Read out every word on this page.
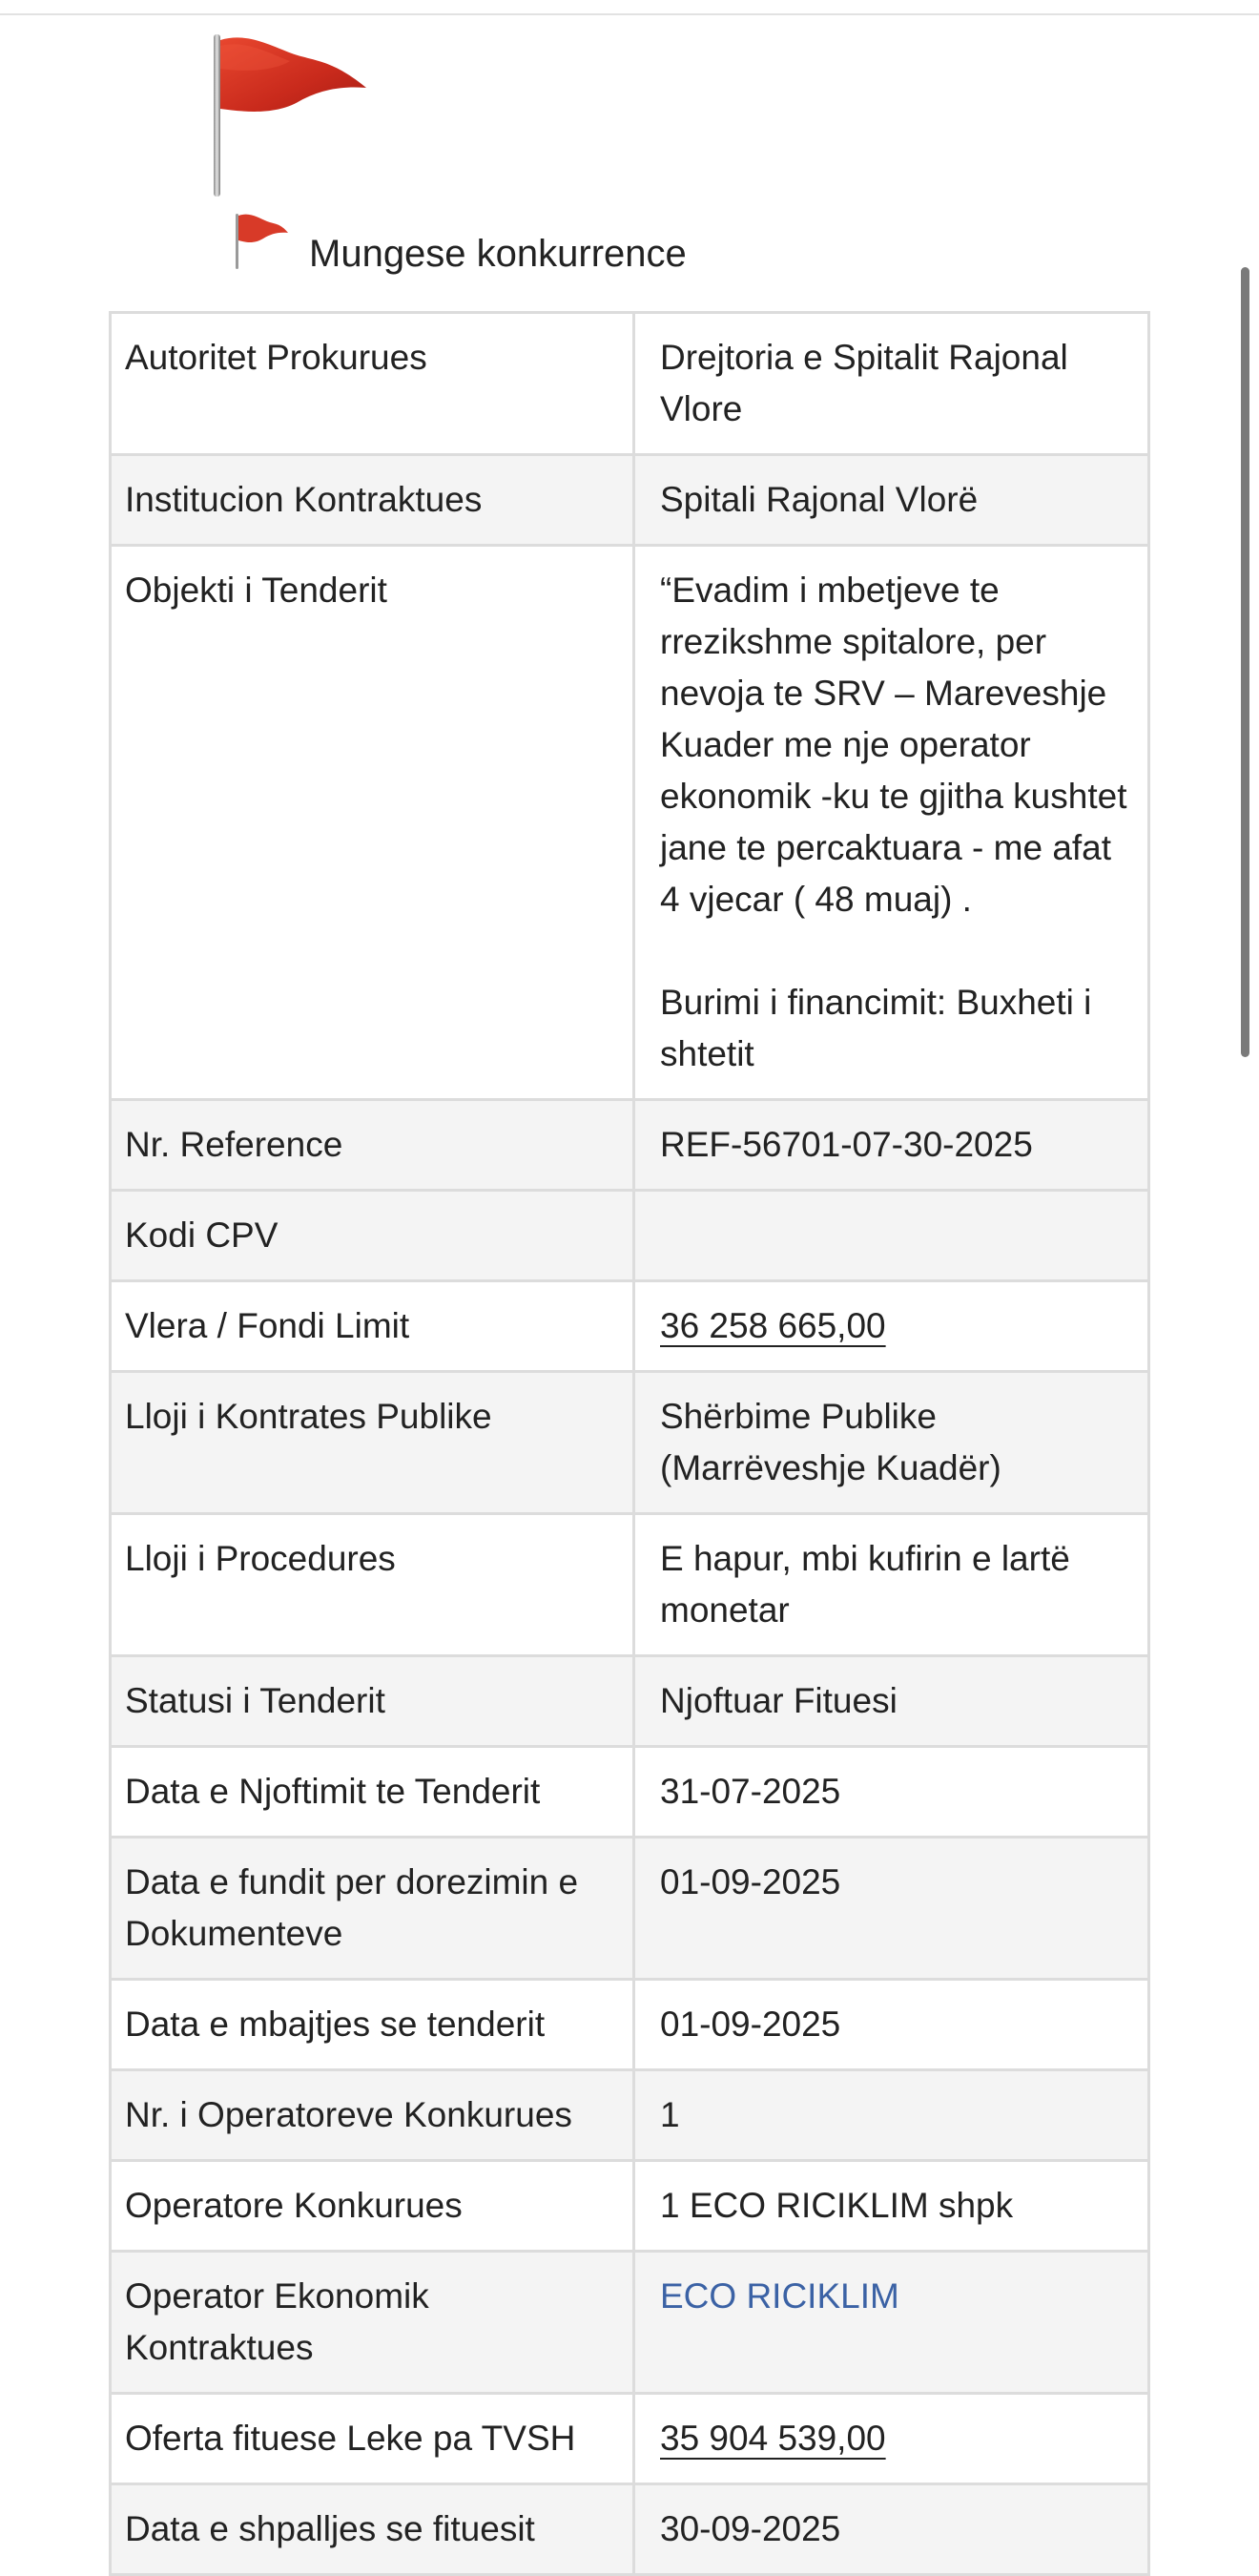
Mungese konkurrence
Autoritet Prokurues	Drejtoria e Spitalit Rajonal Vlore
Institucion Kontraktues	Spitali Rajonal Vlorë
Objekti i Tenderit	“Evadim i mbetjeve te rrezikshme spitalore, per nevoja te SRV – Mareveshje Kuader me nje operator ekonomik -ku te gjitha kushtet jane te percaktuara - me afat 4 vjecar ( 48 muaj) .

Burimi i financimit: Buxheti i shtetit
Nr. Reference	REF-56701-07-30-2025
Kodi CPV	
Vlera / Fondi Limit	36 258 665,00
Lloji i Kontrates Publike	Shërbime Publike (Marrëveshje Kuadër)
Lloji i Procedures	E hapur, mbi kufirin e lartë monetar
Statusi i Tenderit	Njoftuar Fituesi
Data e Njoftimit te Tenderit	31-07-2025
Data e fundit per dorezimin e Dokumenteve	01-09-2025
Data e mbajtjes se tenderit	01-09-2025
Nr. i Operatoreve Konkurues	1
Operatore Konkurues	1 ECO RICIKLIM shpk
Operator Ekonomik Kontraktues	ECO RICIKLIM
Oferta fituese Leke pa TVSH	35 904 539,00
Data e shpalljes se fituesit	30-09-2025
